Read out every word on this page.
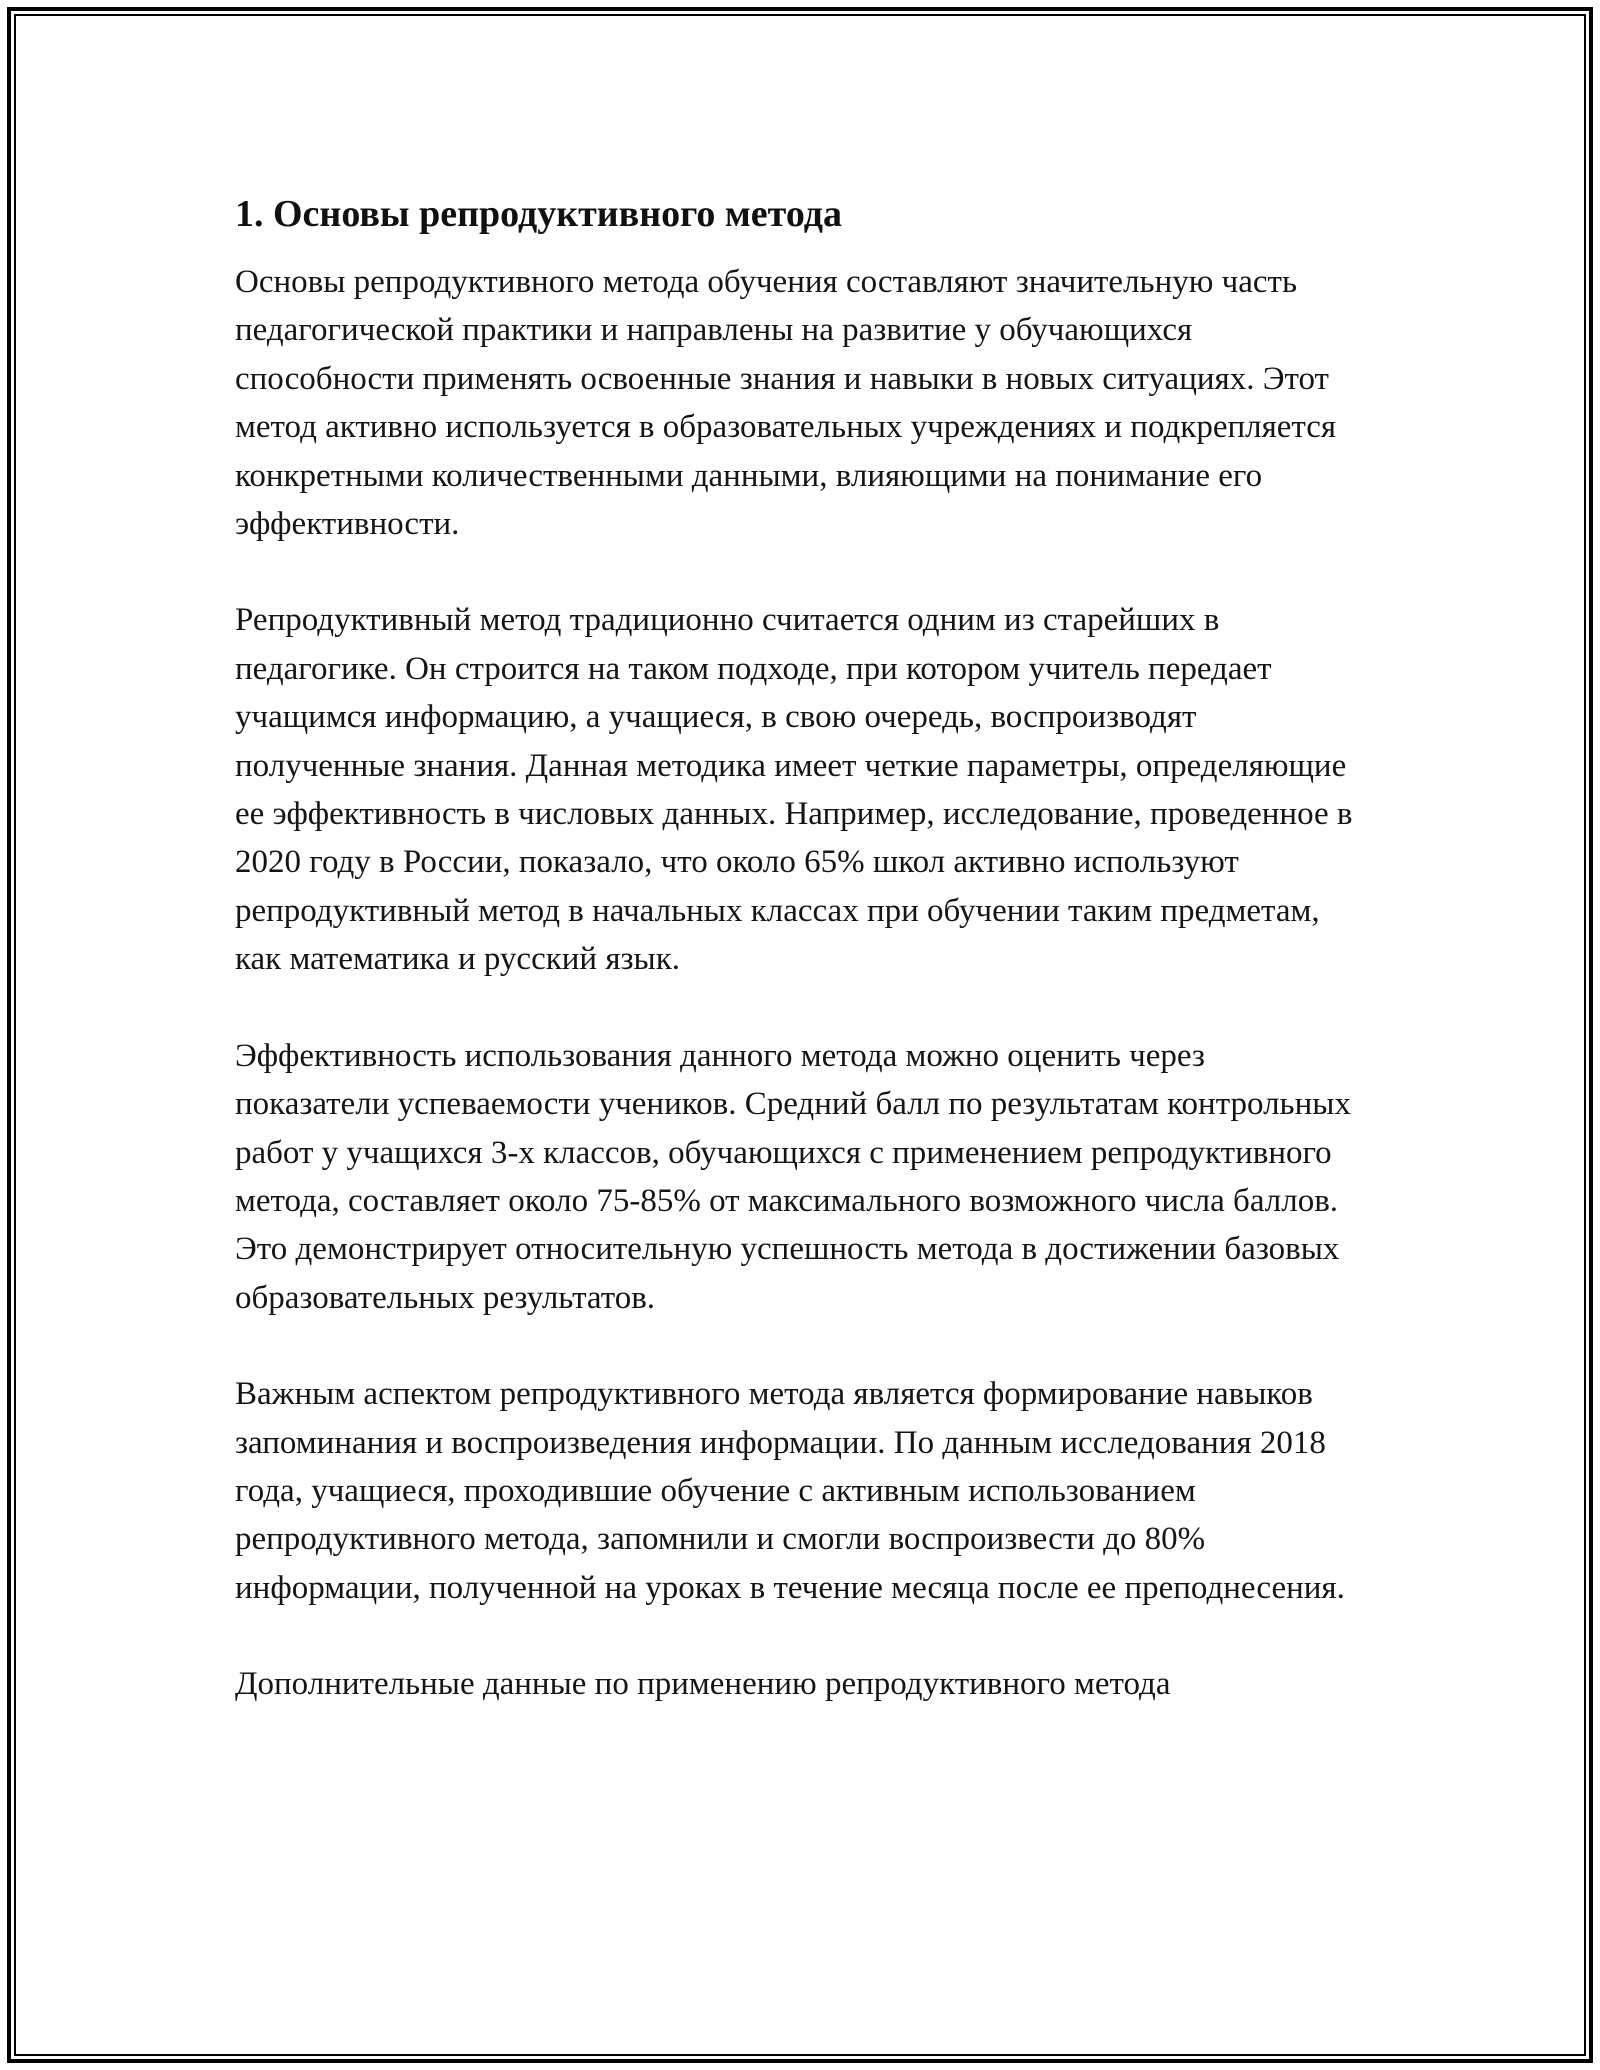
1. Основы репродуктивного метода

Основы репродуктивного метода обучения составляют значительную часть педагогической практики и направлены на развитие у обучающихся способности применять освоенные знания и навыки в новых ситуациях. Этот метод активно используется в образовательных учреждениях и подкрепляется конкретными количественными данными, влияющими на понимание его эффективности.

Репродуктивный метод традиционно считается одним из старейших в педагогике. Он строится на таком подходе, при котором учитель передает учащимся информацию, а учащиеся, в свою очередь, воспроизводят полученные знания. Данная методика имеет четкие параметры, определяющие ее эффективность в числовых данных. Например, исследование, проведенное в 2020 году в России, показало, что около 65% школ активно используют репродуктивный метод в начальных классах при обучении таким предметам, как математика и русский язык.

Эффективность использования данного метода можно оценить через показатели успеваемости учеников. Средний балл по результатам контрольных работ у учащихся 3-х классов, обучающихся с применением репродуктивного метода, составляет около 75-85% от максимального возможного числа баллов. Это демонстрирует относительную успешность метода в достижении базовых образовательных результатов.

Важным аспектом репродуктивного метода является формирование навыков запоминания и воспроизведения информации. По данным исследования 2018 года, учащиеся, проходившие обучение с активным использованием репродуктивного метода, запомнили и смогли воспроизвести до 80% информации, полученной на уроках в течение месяца после ее преподнесения.

Дополнительные данные по применению репродуктивного метода
